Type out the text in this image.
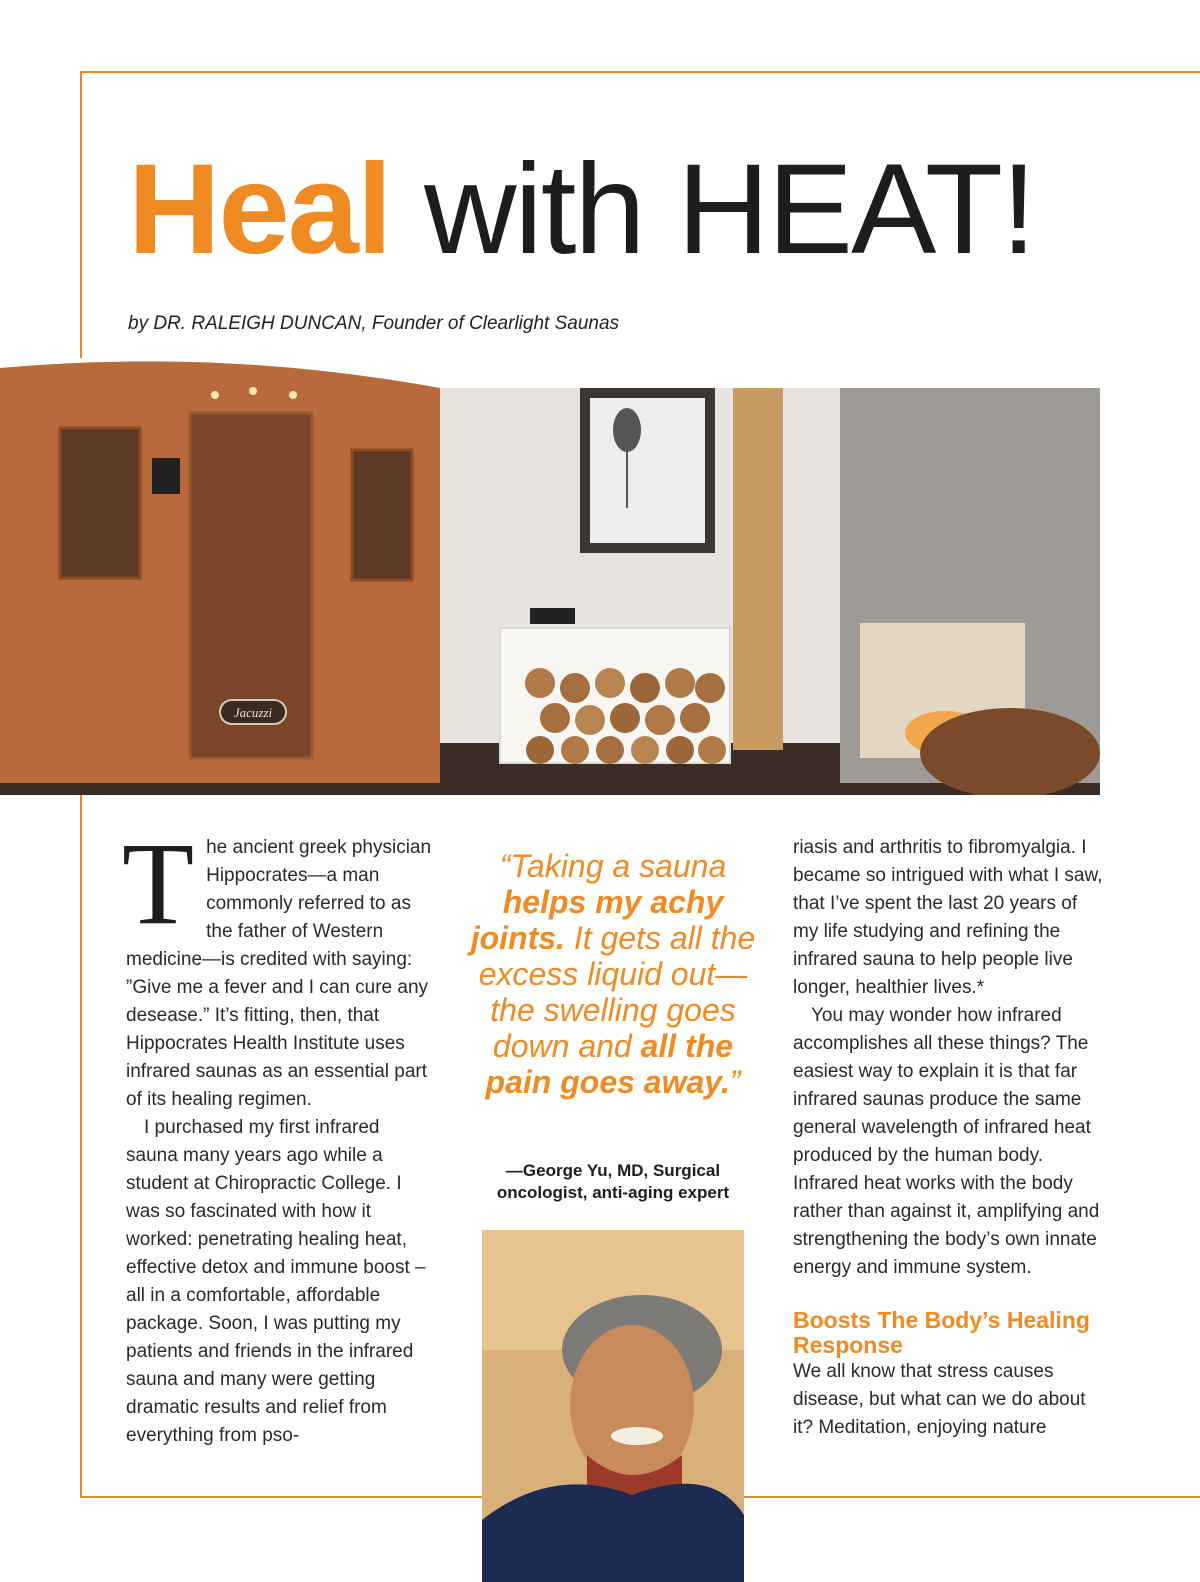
Heal with HEAT!
by DR. RALEIGH DUNCAN, Founder of Clearlight Saunas
Jacuzzi

The ancient greek physician Hippocrates—a man commonly referred to as the father of Western medicine—is credited with saying: ”Give me a fever and I can cure any desease.” It’s fitting, then, that Hippocrates Health Institute uses infrared saunas as an essential part of its healing regimen.

I purchased my first infrared sauna many years ago while a student at Chiropractic College. I was so fascinated with how it worked: penetrating healing heat, effective detox and immune boost – all in a comfortable, affordable package. Soon, I was putting my patients and friends in the infrared sauna and many were getting dramatic results and relief from everything from pso-

“Taking a sauna helps my achy joints. It gets all the excess liquid out—the swelling goes down and all the pain goes away.”
—George Yu, MD, Surgical
oncologist, anti-aging expert

riasis and arthritis to fibromyalgia. I became so intrigued with what I saw, that I’ve spent the last 20 years of my life studying and refining the infrared sauna to help people live longer, healthier lives.*

You may wonder how infrared accomplishes all these things? The easiest way to explain it is that far infrared saunas produce the same general wavelength of infrared heat produced by the human body. Infrared heat works with the body rather than against it, amplifying and strengthening the body’s own innate energy and immune system.

Boosts The Body’s Healing Response

We all know that stress causes disease, but what can we do about it? Meditation, enjoying nature
